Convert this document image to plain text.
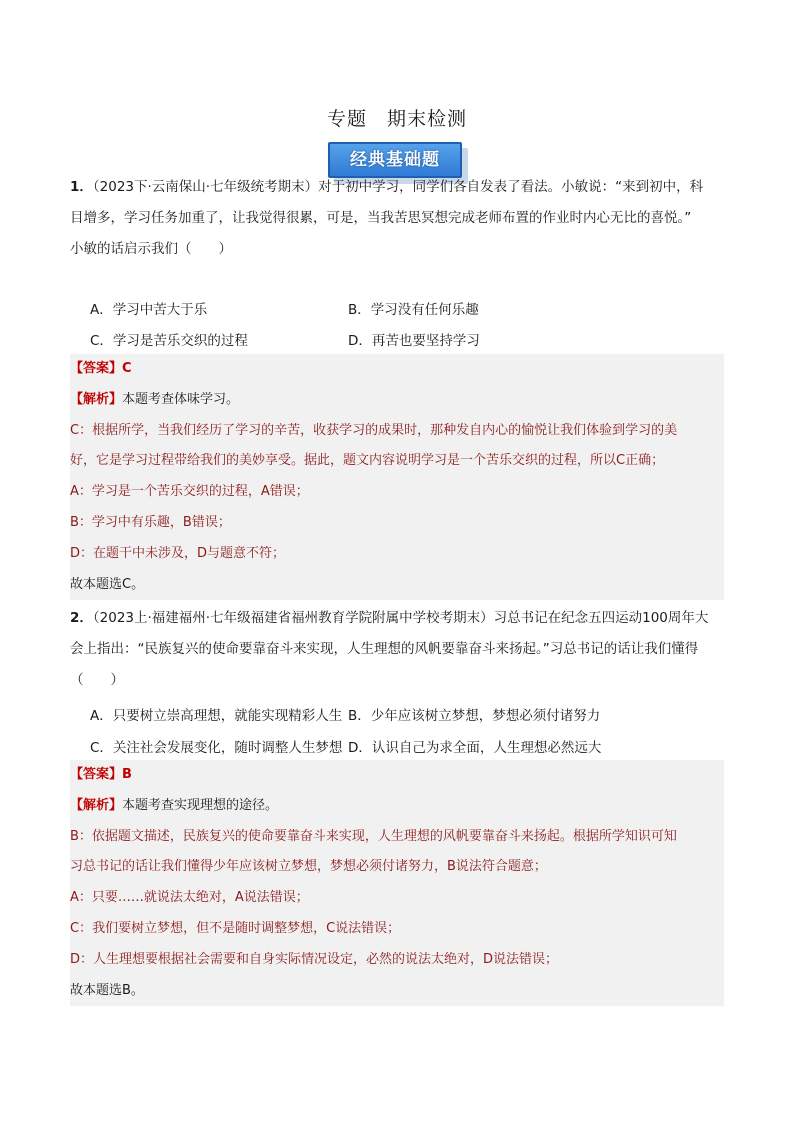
专题　期末检测
经典基础题
1．（2023下·云南保山·七年级统考期末）对于初中学习，同学们各自发表了看法。小敏说：“来到初中，科
目增多，学习任务加重了，让我觉得很累，可是，当我苦思冥想完成老师布置的作业时内心无比的喜悦。”
小敏的话启示我们（　　）
A．学习中苦大于乐	B．学习没有任何乐趣
C．学习是苦乐交织的过程	D．再苦也要坚持学习
【答案】C
【解析】本题考查体味学习。
C：根据所学，当我们经历了学习的辛苦，收获学习的成果时，那种发自内心的愉悦让我们体验到学习的美
好，它是学习过程带给我们的美妙享受。据此，题文内容说明学习是一个苦乐交织的过程，所以C正确；
A：学习是一个苦乐交织的过程，A错误；
B：学习中有乐趣，B错误；
D：在题干中未涉及，D与题意不符；
故本题选C。
2．（2023上·福建福州·七年级福建省福州教育学院附属中学校考期末）习总书记在纪念五四运动100周年大
会上指出：“民族复兴的使命要靠奋斗来实现，人生理想的风帆要靠奋斗来扬起。”习总书记的话让我们懂得
（　　）
A．只要树立崇高理想，就能实现精彩人生 B．少年应该树立梦想，梦想必须付诸努力
C．关注社会发展变化，随时调整人生梦想 D．认识自己为求全面，人生理想必然远大
【答案】B
【解析】本题考查实现理想的途径。
B：依据题文描述，民族复兴的使命要靠奋斗来实现，人生理想的风帆要靠奋斗来扬起。根据所学知识可知
习总书记的话让我们懂得少年应该树立梦想，梦想必须付诸努力，B说法符合题意；
A：只要……就说法太绝对，A说法错误；
C：我们要树立梦想，但不是随时调整梦想，C说法错误；
D：人生理想要根据社会需要和自身实际情况设定，必然的说法太绝对，D说法错误；
故本题选B。
